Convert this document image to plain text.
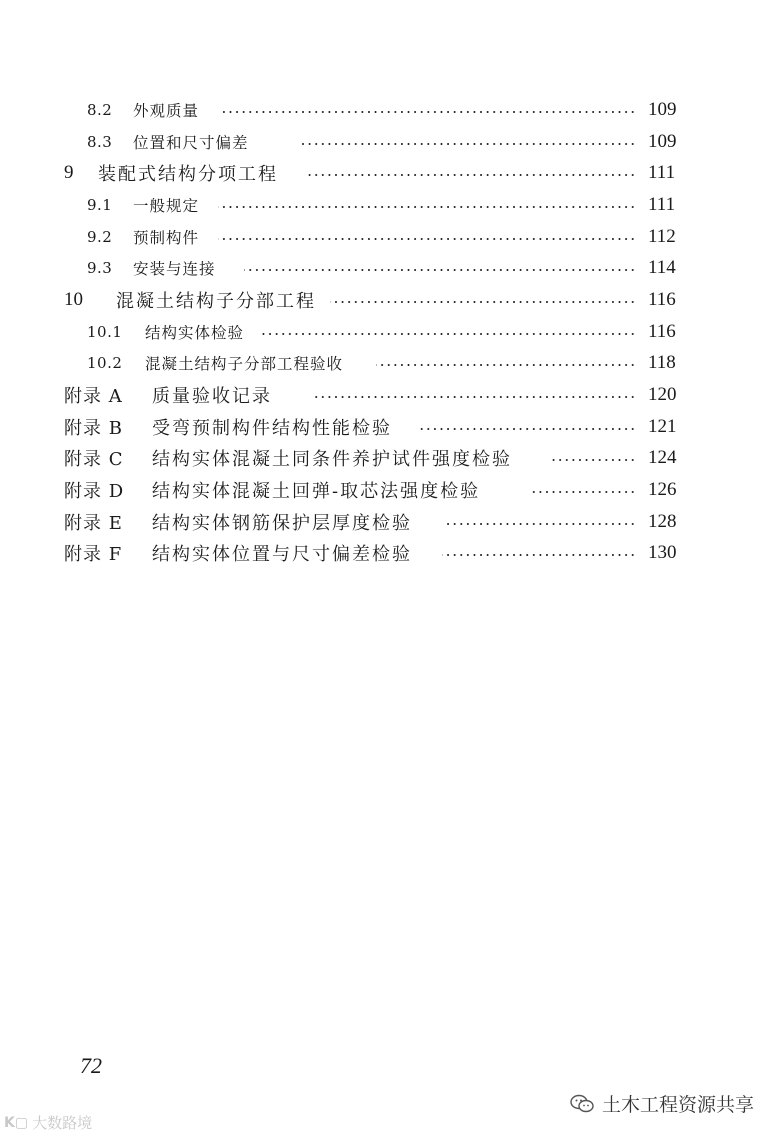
8.2 外观质量	109
8.3 位置和尺寸偏差	109
9 装配式结构分项工程	111
9.1 一般规定	111
9.2 预制构件	112
9.3 安装与连接	114
10 混凝土结构子分部工程	116
10.1 结构实体检验	116
10.2 混凝土结构子分部工程验收	118
附录 A 质量验收记录	120
附录 B 受弯预制构件结构性能检验	121
附录 C 结构实体混凝土同条件养护试件强度检验	124
附录 D 结构实体混凝土回弹-取芯法强度检验	126
附录 E 结构实体钢筋保护层厚度检验	128
附录 F 结构实体位置与尺寸偏差检验	130
72
K▢ 大数路境
土木工程资源共享
